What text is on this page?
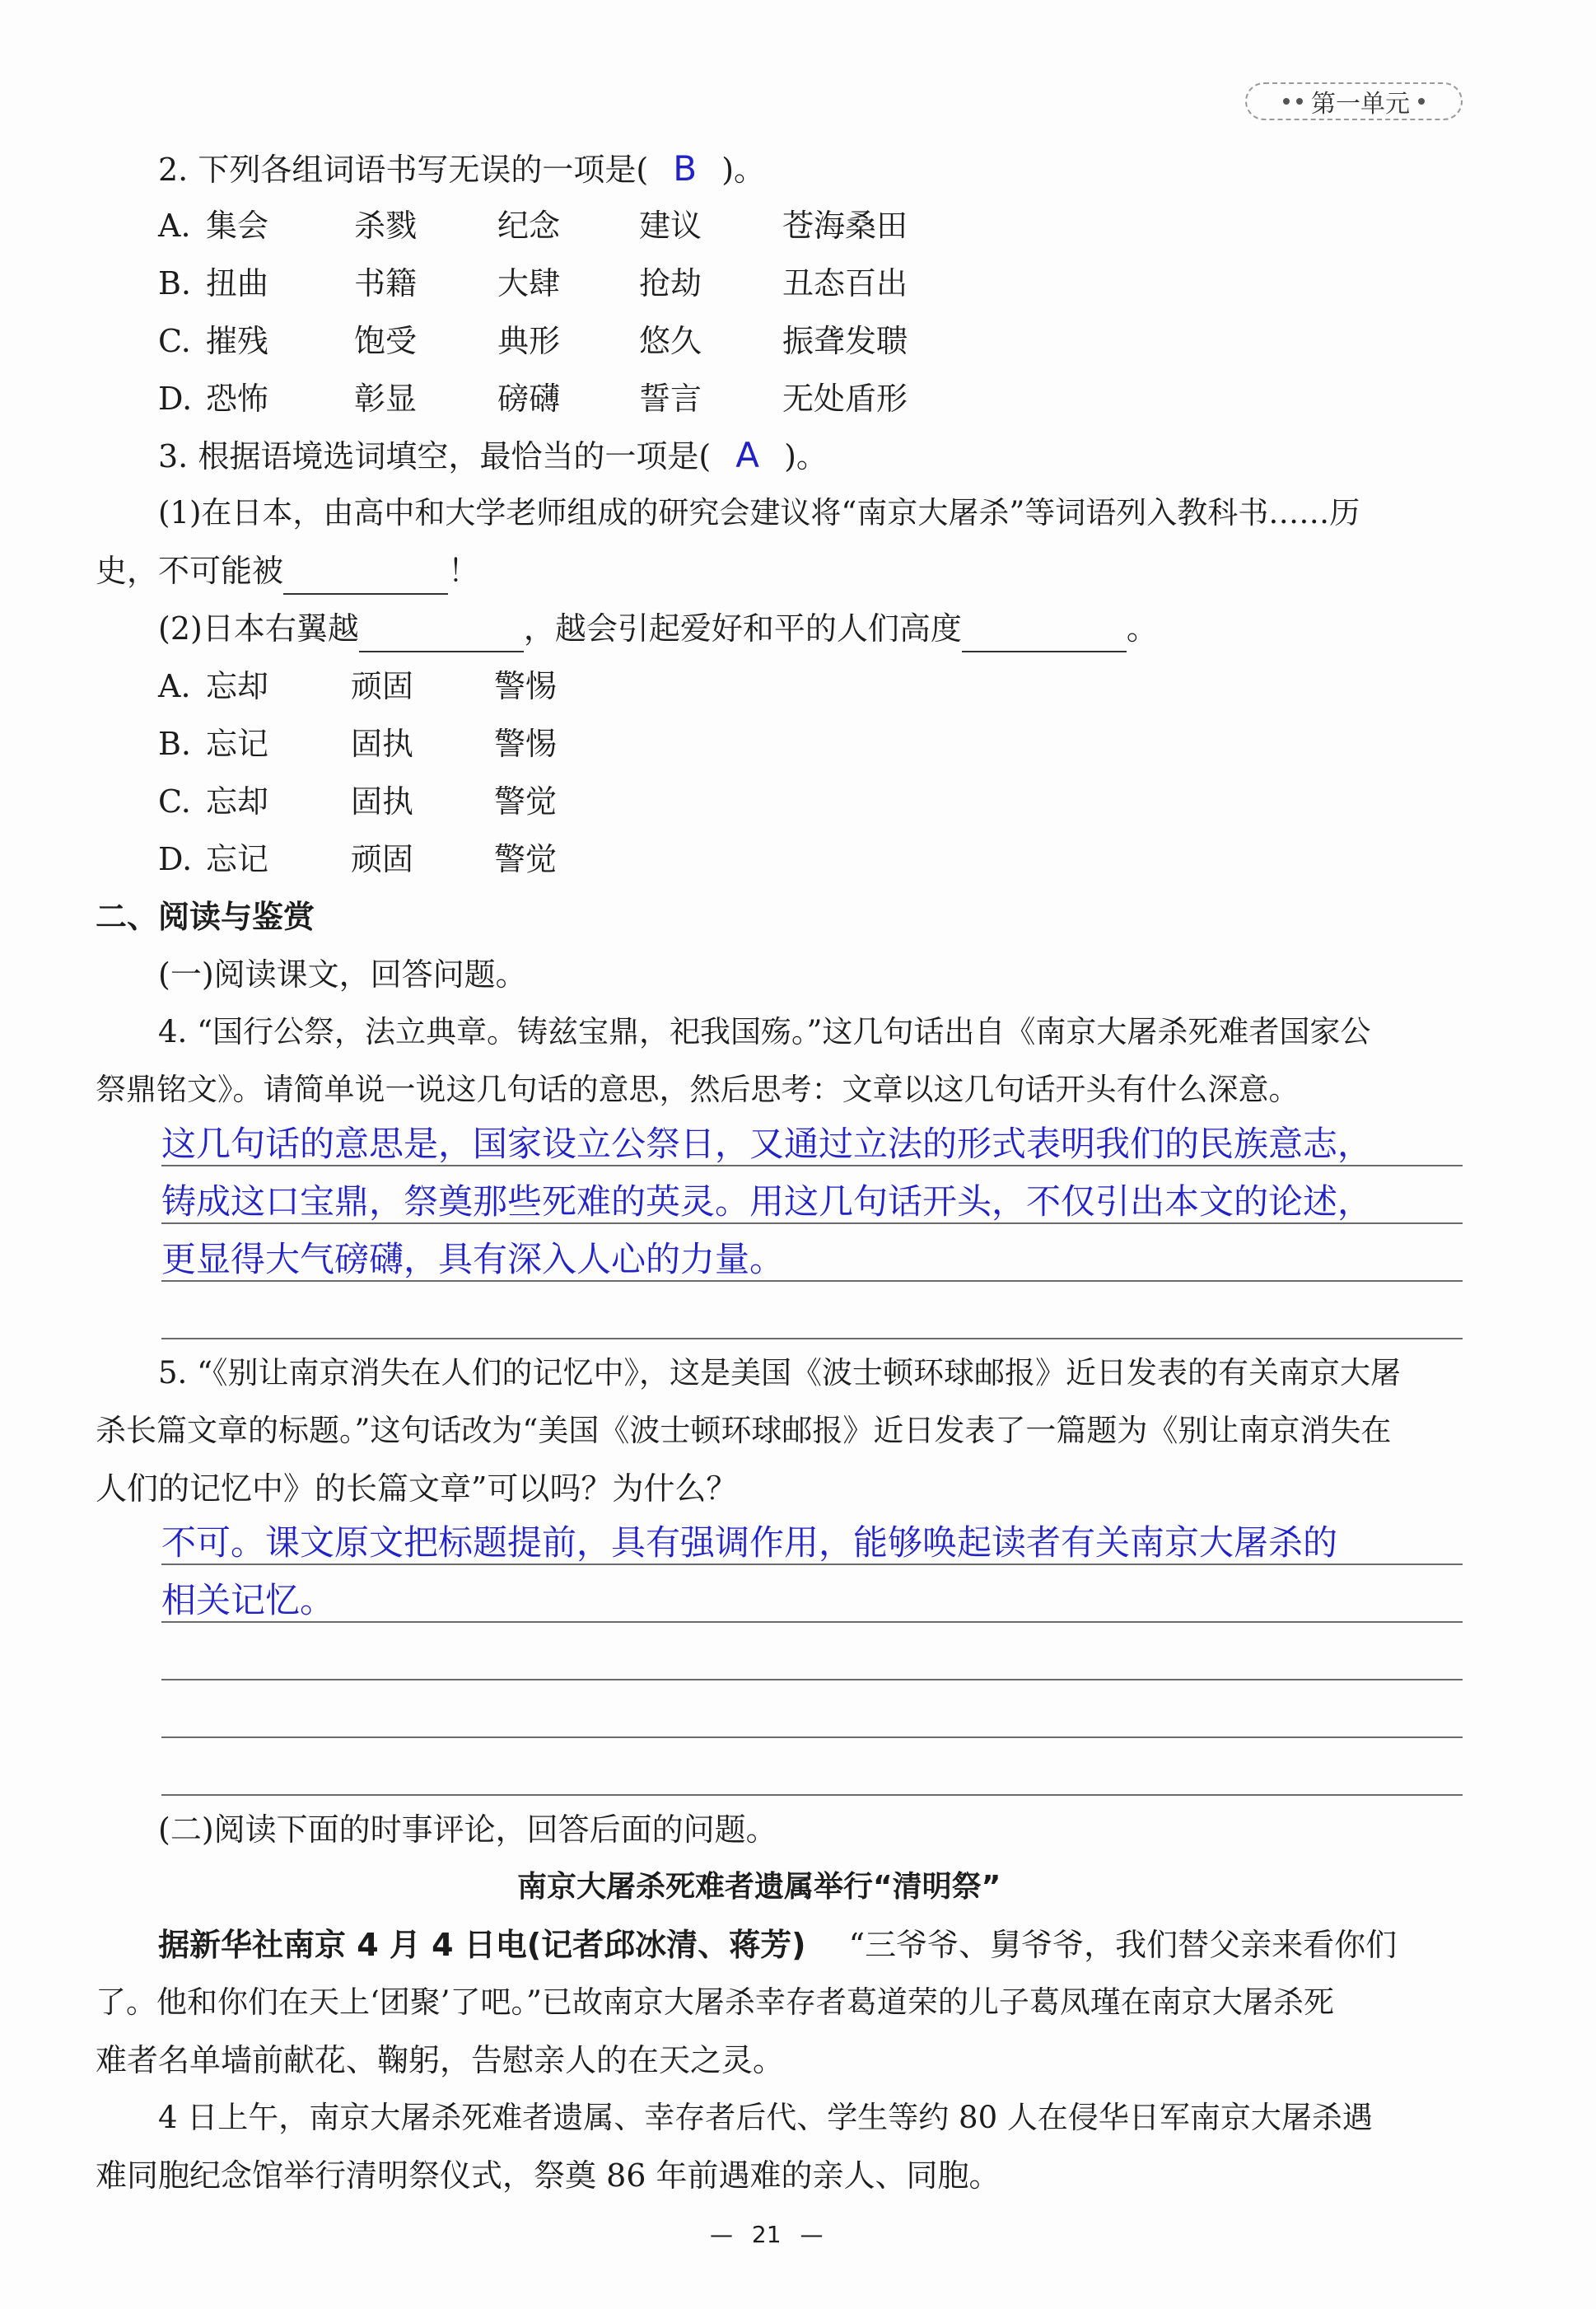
第一单元
2. 下列各组词语书写无误的一项是( B )。
A. 集会	杀戮	纪念	建议	苍海桑田
B. 扭曲	书籍	大肆	抢劫	丑态百出
C. 摧残	饱受	典形	悠久	振聋发聩
D. 恐怖	彰显	磅礴	誓言	无处盾形
3. 根据语境选词填空，最恰当的一项是( A )。
(1)在日本，由高中和大学老师组成的研究会建议将“南京大屠杀”等词语列入教科书……历
史，不可能被	！
(2)日本右翼越	，越会引起爱好和平的人们高度	。
A. 忘却	顽固	警惕
B. 忘记	固执	警惕
C. 忘却	固执	警觉
D. 忘记	顽固	警觉
二、阅读与鉴赏
(一)阅读课文，回答问题。
4. “国行公祭，法立典章。铸兹宝鼎，祀我国殇。”这几句话出自《南京大屠杀死难者国家公
祭鼎铭文》。请简单说一说这几句话的意思，然后思考：文章以这几句话开头有什么深意。
这几句话的意思是，国家设立公祭日，又通过立法的形式表明我们的民族意志，
铸成这口宝鼎，祭奠那些死难的英灵。用这几句话开头，不仅引出本文的论述，
更显得大气磅礴，具有深入人心的力量。
5. “《别让南京消失在人们的记忆中》，这是美国《波士顿环球邮报》近日发表的有关南京大屠
杀长篇文章的标题。”这句话改为“美国《波士顿环球邮报》近日发表了一篇题为《别让南京消失在
人们的记忆中》的长篇文章”可以吗？为什么？
不可。课文原文把标题提前，具有强调作用，能够唤起读者有关南京大屠杀的
相关记忆。
(二)阅读下面的时事评论，回答后面的问题。
南京大屠杀死难者遗属举行“清明祭”
据新华社南京 4 月 4 日电(记者邱冰清、蒋芳) “三爷爷、舅爷爷，我们替父亲来看你们
了。他和你们在天上‘团聚’了吧。”已故南京大屠杀幸存者葛道荣的儿子葛凤瑾在南京大屠杀死
难者名单墙前献花、鞠躬，告慰亲人的在天之灵。
4 日上午，南京大屠杀死难者遗属、幸存者后代、学生等约 80 人在侵华日军南京大屠杀遇
难同胞纪念馆举行清明祭仪式，祭奠 86 年前遇难的亲人、同胞。
— 21 —
